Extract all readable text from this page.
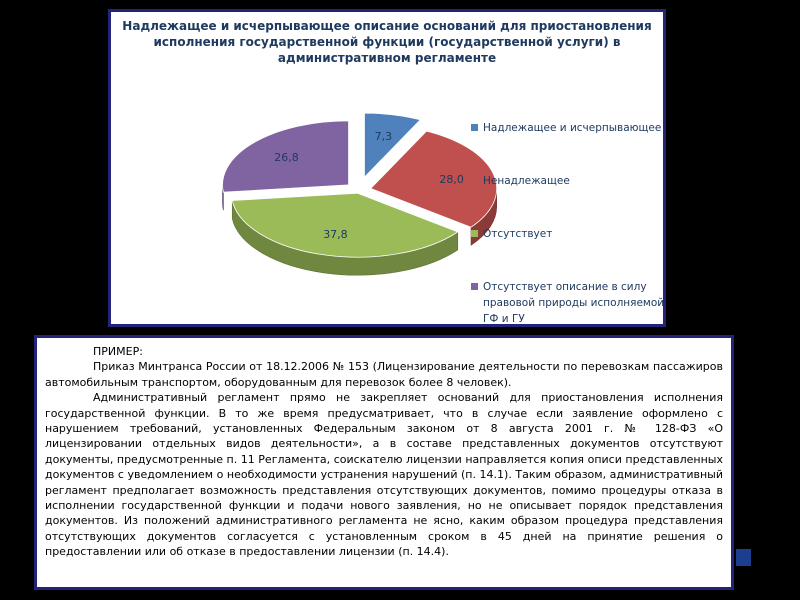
Надлежащее и исчерпывающее описание оснований для приостановления исполнения государственной функции (государственной услуги) в административном регламенте
7,3
28,0
37,8
26,8
Надлежащее и исчерпывающее
Ненадлежащее
Отсутствует
Отсутствует описание в силу правовой природы исполняемой ГФ и ГУ

ПРИМЕР:

Приказ Минтранса России от 18.12.2006 № 153 (Лицензирование деятельности по перевозкам пассажиров автомобильным транспортом, оборудованным для перевозок более 8 человек).

Административный регламент прямо не закрепляет оснований для приостановления исполнения государственной функции. В то же время предусматривает, что в случае если заявление оформлено с нарушением требований, установленных Федеральным законом от 8 августа 2001 г. № 128-ФЗ «О лицензировании отдельных видов деятельности», а в составе представленных документов отсутствуют документы, предусмотренные п. 11 Регламента, соискателю лицензии направляется копия описи представленных документов с уведомлением о необходимости устранения нарушений (п. 14.1). Таким образом, административный регламент предполагает возможность представления отсутствующих документов, помимо процедуры отказа в исполнении государственной функции и подачи нового заявления, но не описывает порядок представления документов. Из положений административного регламента не ясно, каким образом процедура представления отсутствующих документов согласуется с установленным сроком в 45 дней на принятие решения о предоставлении или об отказе в предоставлении лицензии (п. 14.4).
